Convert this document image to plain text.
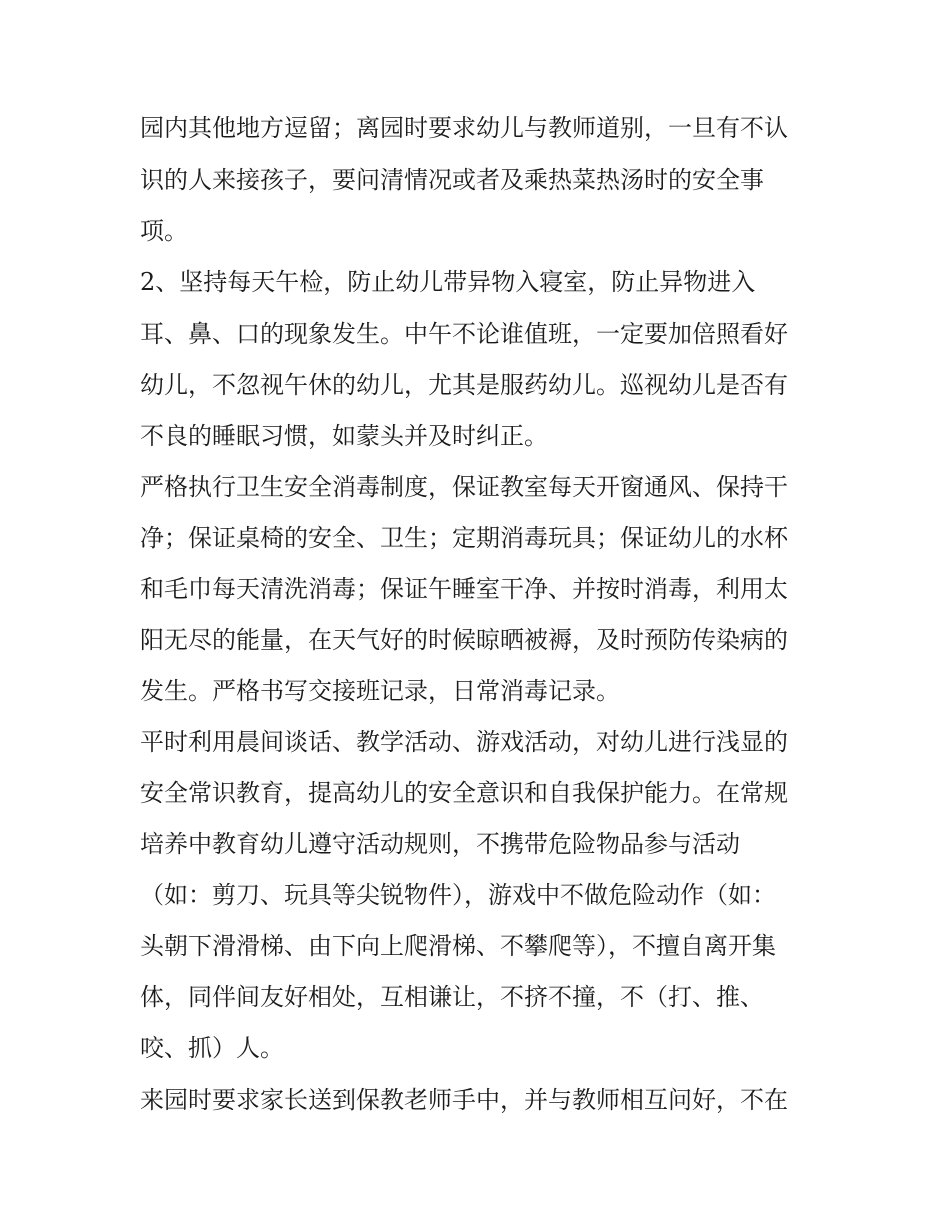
园内其他地方逗留；离园时要求幼儿与教师道别，一旦有不认
识的人来接孩子，要问清情况或者及乘热菜热汤时的安全事
项。
2、坚持每天午检，防止幼儿带异物入寝室，防止异物进入
耳、鼻、口的现象发生。中午不论谁值班，一定要加倍照看好
幼儿，不忽视午休的幼儿，尤其是服药幼儿。巡视幼儿是否有
不良的睡眠习惯，如蒙头并及时纠正。
严格执行卫生安全消毒制度，保证教室每天开窗通风、保持干
净；保证桌椅的安全、卫生；定期消毒玩具；保证幼儿的水杯
和毛巾每天清洗消毒；保证午睡室干净、并按时消毒，利用太
阳无尽的能量，在天气好的时候晾晒被褥，及时预防传染病的
发生。严格书写交接班记录，日常消毒记录。
平时利用晨间谈话、教学活动、游戏活动，对幼儿进行浅显的
安全常识教育，提高幼儿的安全意识和自我保护能力。在常规
培养中教育幼儿遵守活动规则，不携带危险物品参与活动
（如：剪刀、玩具等尖锐物件），游戏中不做危险动作（如：
头朝下滑滑梯、由下向上爬滑梯、不攀爬等），不擅自离开集
体，同伴间友好相处，互相谦让，不挤不撞，不（打、推、
咬、抓）人。
来园时要求家长送到保教老师手中，并与教师相互问好，不在
